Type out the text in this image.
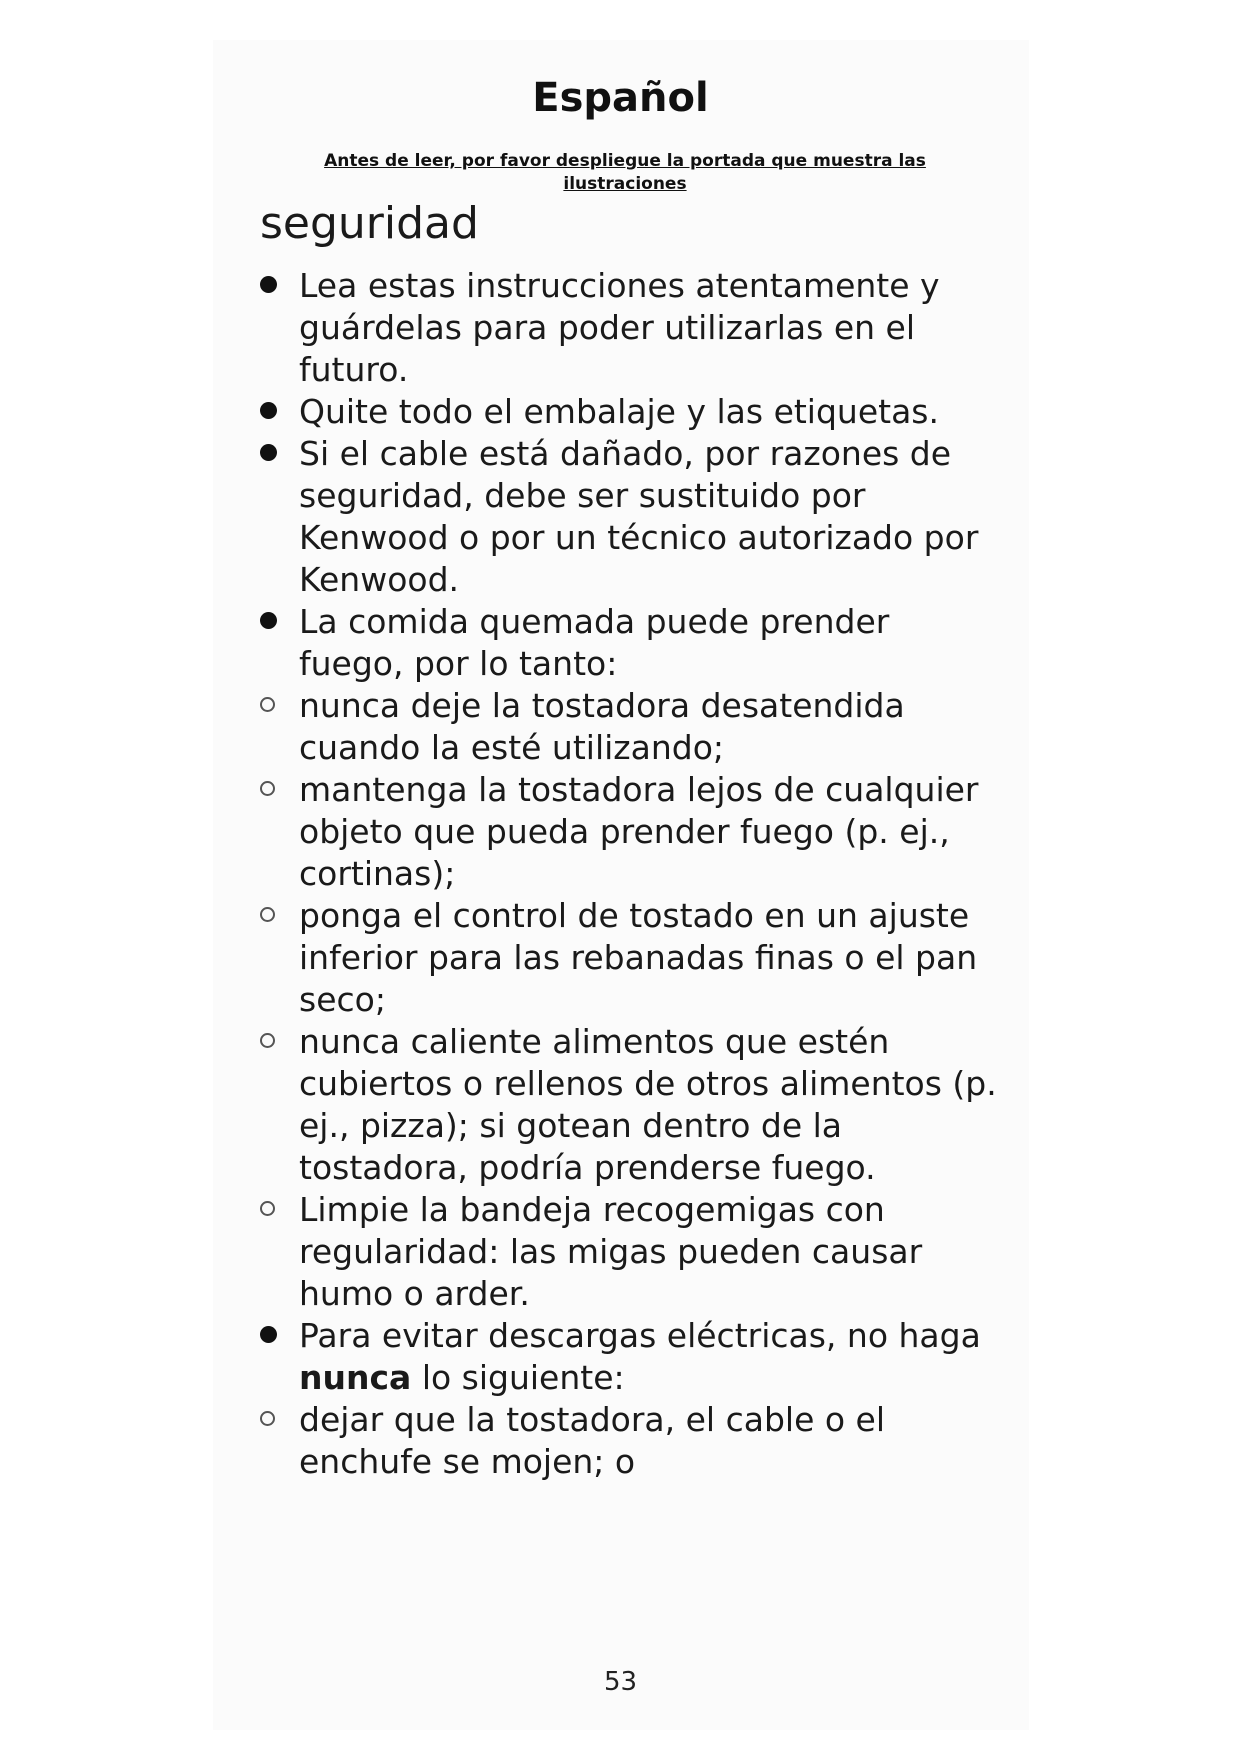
Español
Antes de leer, por favor despliegue la portada que muestra las ilustraciones
seguridad
Lea estas instrucciones atentamente y guárdelas para poder utilizarlas en el futuro.
Quite todo el embalaje y las etiquetas.
Si el cable está dañado, por razones de seguridad, debe ser sustituido por Kenwood o por un técnico autorizado por Kenwood.
La comida quemada puede prender fuego, por lo tanto:
nunca deje la tostadora desatendida cuando la esté utilizando;
mantenga la tostadora lejos de cualquier objeto que pueda prender fuego (p. ej., cortinas);
ponga el control de tostado en un ajuste inferior para las rebanadas finas o el pan seco;
nunca caliente alimentos que estén cubiertos o rellenos de otros alimentos (p. ej., pizza); si gotean dentro de la tostadora, podría prenderse fuego.
Limpie la bandeja recogemigas con regularidad: las migas pueden causar humo o arder.
Para evitar descargas eléctricas, no haga nunca lo siguiente:
dejar que la tostadora, el cable o el enchufe se mojen; o
53
